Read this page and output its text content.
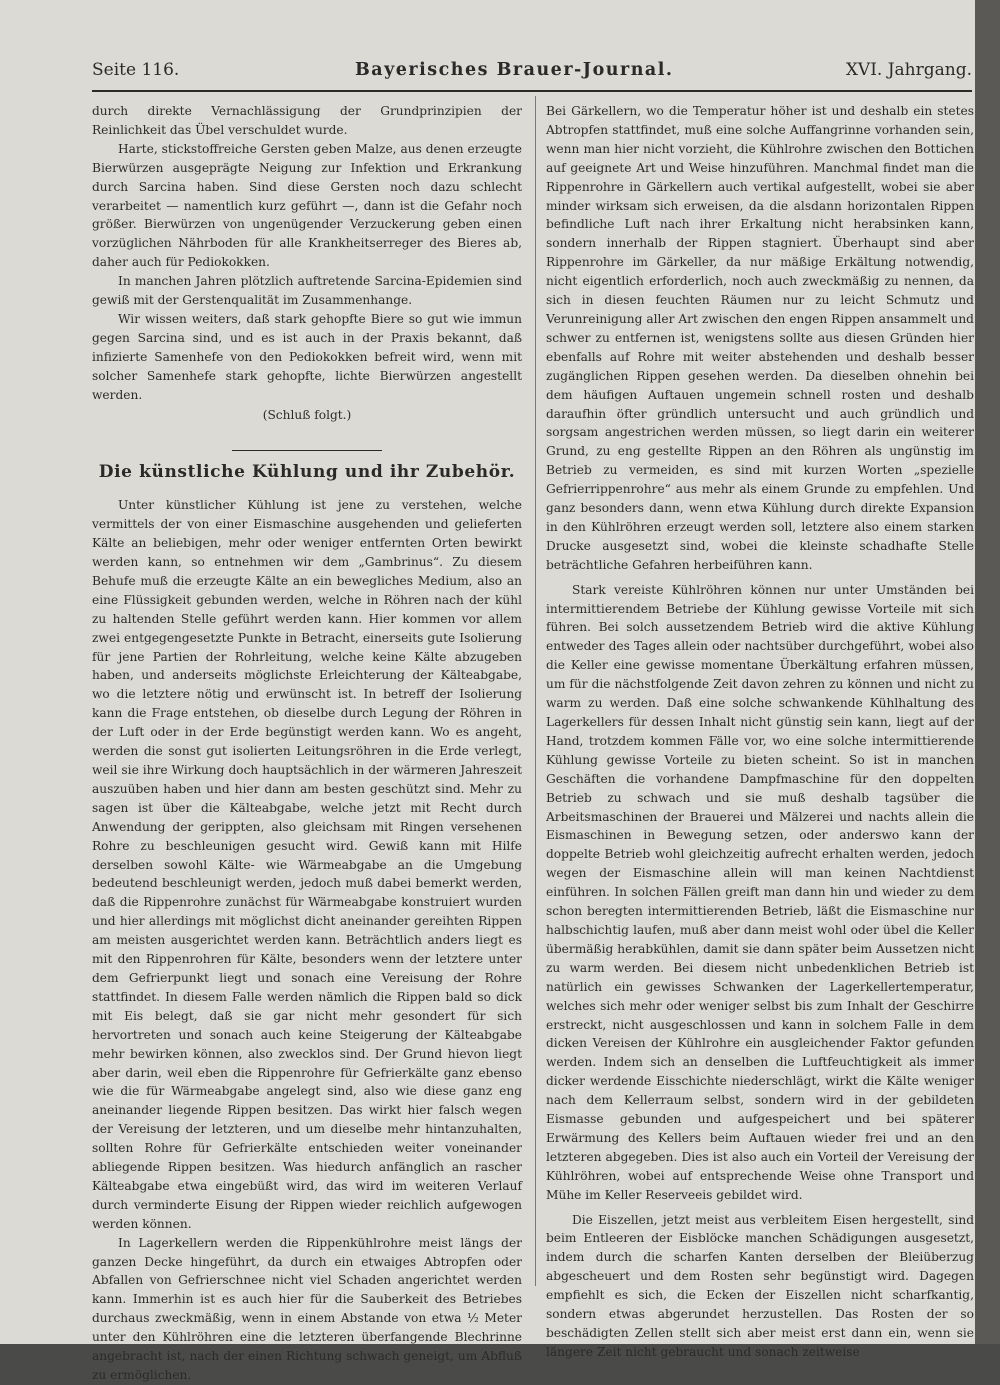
Seite 116.	Bayerisches Brauer-Journal.	XVI. Jahrgang.

durch direkte Vernachlässigung der Grundprinzipien der Reinlichkeit das Übel verschuldet wurde.

Harte, stickstoffreiche Gersten geben Malze, aus denen erzeugte Bierwürzen ausgeprägte Neigung zur Infektion und Erkrankung durch Sarcina haben. Sind diese Gersten noch dazu schlecht verarbeitet — namentlich kurz geführt —, dann ist die Gefahr noch größer. Bierwürzen von ungenügender Verzuckerung geben einen vorzüglichen Nährboden für alle Krankheitserreger des Bieres ab, daher auch für Pediokokken.

In manchen Jahren plötzlich auftretende Sarcina-Epidemien sind gewiß mit der Gerstenqualität im Zusammenhange.

Wir wissen weiters, daß stark gehopfte Biere so gut wie immun gegen Sarcina sind, und es ist auch in der Praxis bekannt, daß infizierte Samenhefe von den Pediokokken befreit wird, wenn mit solcher Samenhefe stark gehopfte, lichte Bierwürzen angestellt werden.

(Schluß folgt.)

Die künstliche Kühlung und ihr Zubehör.

Unter künstlicher Kühlung ist jene zu verstehen, welche vermittels der von einer Eismaschine ausgehenden und gelieferten Kälte an beliebigen, mehr oder weniger entfernten Orten bewirkt werden kann, so entnehmen wir dem „Gambrinus“. Zu diesem Behufe muß die erzeugte Kälte an ein bewegliches Medium, also an eine Flüssigkeit gebunden werden, welche in Röhren nach der kühl zu haltenden Stelle geführt werden kann. Hier kommen vor allem zwei entgegengesetzte Punkte in Betracht, einerseits gute Isolierung für jene Partien der Rohrleitung, welche keine Kälte abzugeben haben, und anderseits möglichste Erleichterung der Kälteabgabe, wo die letztere nötig und erwünscht ist. In betreff der Isolierung kann die Frage entstehen, ob dieselbe durch Legung der Röhren in der Luft oder in der Erde begünstigt werden kann. Wo es angeht, werden die sonst gut isolierten Leitungsröhren in die Erde verlegt, weil sie ihre Wirkung doch hauptsächlich in der wärmeren Jahreszeit auszuüben haben und hier dann am besten geschützt sind. Mehr zu sagen ist über die Kälteabgabe, welche jetzt mit Recht durch Anwendung der gerippten, also gleichsam mit Ringen versehenen Rohre zu beschleunigen gesucht wird. Gewiß kann mit Hilfe derselben sowohl Kälte- wie Wärmeabgabe an die Umgebung bedeutend beschleunigt werden, jedoch muß dabei bemerkt werden, daß die Rippenrohre zunächst für Wärmeabgabe konstruiert wurden und hier allerdings mit möglichst dicht aneinander gereihten Rippen am meisten ausgerichtet werden kann. Beträchtlich anders liegt es mit den Rippenrohren für Kälte, besonders wenn der letztere unter dem Gefrierpunkt liegt und sonach eine Vereisung der Rohre stattfindet. In diesem Falle werden nämlich die Rippen bald so dick mit Eis belegt, daß sie gar nicht mehr gesondert für sich hervortreten und sonach auch keine Steigerung der Kälteabgabe mehr bewirken können, also zwecklos sind. Der Grund hievon liegt aber darin, weil eben die Rippenrohre für Gefrierkälte ganz ebenso wie die für Wärmeabgabe angelegt sind, also wie diese ganz eng aneinander liegende Rippen besitzen. Das wirkt hier falsch wegen der Vereisung der letzteren, und um dieselbe mehr hintanzuhalten, sollten Rohre für Gefrierkälte entschieden weiter voneinander abliegende Rippen besitzen. Was hiedurch anfänglich an rascher Kälteabgabe etwa eingebüßt wird, das wird im weiteren Verlauf durch verminderte Eisung der Rippen wieder reichlich aufgewogen werden können.

In Lagerkellern werden die Rippenkühlrohre meist längs der ganzen Decke hingeführt, da durch ein etwaiges Abtropfen oder Abfallen von Gefrierschnee nicht viel Schaden angerichtet werden kann. Immerhin ist es auch hier für die Sauberkeit des Betriebes durchaus zweckmäßig, wenn in einem Abstande von etwa ½ Meter unter den Kühlröhren eine die letzteren überfangende Blechrinne angebracht ist, nach der einen Richtung schwach geneigt, um Abfluß zu ermöglichen.

Bei Gärkellern, wo die Temperatur höher ist und deshalb ein stetes Abtropfen stattfindet, muß eine solche Auffangrinne vorhanden sein, wenn man hier nicht vorzieht, die Kühlrohre zwischen den Bottichen auf geeignete Art und Weise hinzuführen. Manchmal findet man die Rippenrohre in Gärkellern auch vertikal aufgestellt, wobei sie aber minder wirksam sich erweisen, da die alsdann horizontalen Rippen befindliche Luft nach ihrer Erkaltung nicht herabsinken kann, sondern innerhalb der Rippen stagniert. Überhaupt sind aber Rippenrohre im Gärkeller, da nur mäßige Erkältung notwendig, nicht eigentlich erforderlich, noch auch zweckmäßig zu nennen, da sich in diesen feuchten Räumen nur zu leicht Schmutz und Verunreinigung aller Art zwischen den engen Rippen ansammelt und schwer zu entfernen ist, wenigstens sollte aus diesen Gründen hier ebenfalls auf Rohre mit weiter abstehenden und deshalb besser zugänglichen Rippen gesehen werden. Da dieselben ohnehin bei dem häufigen Auftauen ungemein schnell rosten und deshalb daraufhin öfter gründlich untersucht und auch gründlich und sorgsam angestrichen werden müssen, so liegt darin ein weiterer Grund, zu eng gestellte Rippen an den Röhren als ungünstig im Betrieb zu vermeiden, es sind mit kurzen Worten „spezielle Gefrierrippenrohre“ aus mehr als einem Grunde zu empfehlen. Und ganz besonders dann, wenn etwa Kühlung durch direkte Expansion in den Kühlröhren erzeugt werden soll, letztere also einem starken Drucke ausgesetzt sind, wobei die kleinste schadhafte Stelle beträchtliche Gefahren herbeiführen kann.

Stark vereiste Kühlröhren können nur unter Umständen bei intermittierendem Betriebe der Kühlung gewisse Vorteile mit sich führen. Bei solch aussetzendem Betrieb wird die aktive Kühlung entweder des Tages allein oder nachtsüber durchgeführt, wobei also die Keller eine gewisse momentane Überkältung erfahren müssen, um für die nächstfolgende Zeit davon zehren zu können und nicht zu warm zu werden. Daß eine solche schwankende Kühlhaltung des Lagerkellers für dessen Inhalt nicht günstig sein kann, liegt auf der Hand, trotzdem kommen Fälle vor, wo eine solche intermittierende Kühlung gewisse Vorteile zu bieten scheint. So ist in manchen Geschäften die vorhandene Dampfmaschine für den doppelten Betrieb zu schwach und sie muß deshalb tagsüber die Arbeitsmaschinen der Brauerei und Mälzerei und nachts allein die Eismaschinen in Bewegung setzen, oder anderswo kann der doppelte Betrieb wohl gleichzeitig aufrecht erhalten werden, jedoch wegen der Eismaschine allein will man keinen Nachtdienst einführen. In solchen Fällen greift man dann hin und wieder zu dem schon beregten intermittierenden Betrieb, läßt die Eismaschine nur halbschichtig laufen, muß aber dann meist wohl oder übel die Keller übermäßig herabkühlen, damit sie dann später beim Aussetzen nicht zu warm werden. Bei diesem nicht unbedenklichen Betrieb ist natürlich ein gewisses Schwanken der Lagerkellertemperatur, welches sich mehr oder weniger selbst bis zum Inhalt der Geschirre erstreckt, nicht ausgeschlossen und kann in solchem Falle in dem dicken Vereisen der Kühlrohre ein ausgleichender Faktor gefunden werden. Indem sich an denselben die Luftfeuchtigkeit als immer dicker werdende Eisschichte niederschlägt, wirkt die Kälte weniger nach dem Kellerraum selbst, sondern wird in der gebildeten Eismasse gebunden und aufgespeichert und bei späterer Erwärmung des Kellers beim Auftauen wieder frei und an den letzteren abgegeben. Dies ist also auch ein Vorteil der Vereisung der Kühlröhren, wobei auf entsprechende Weise ohne Transport und Mühe im Keller Reserveeis gebildet wird.

Die Eiszellen, jetzt meist aus verbleitem Eisen hergestellt, sind beim Entleeren der Eisblöcke manchen Schädigungen ausgesetzt, indem durch die scharfen Kanten derselben der Bleiüberzug abgescheuert und dem Rosten sehr begünstigt wird. Dagegen empfiehlt es sich, die Ecken der Eiszellen nicht scharfkantig, sondern etwas abgerundet herzustellen. Das Rosten der so beschädigten Zellen stellt sich aber meist erst dann ein, wenn sie längere Zeit nicht gebraucht und sonach zeitweise
